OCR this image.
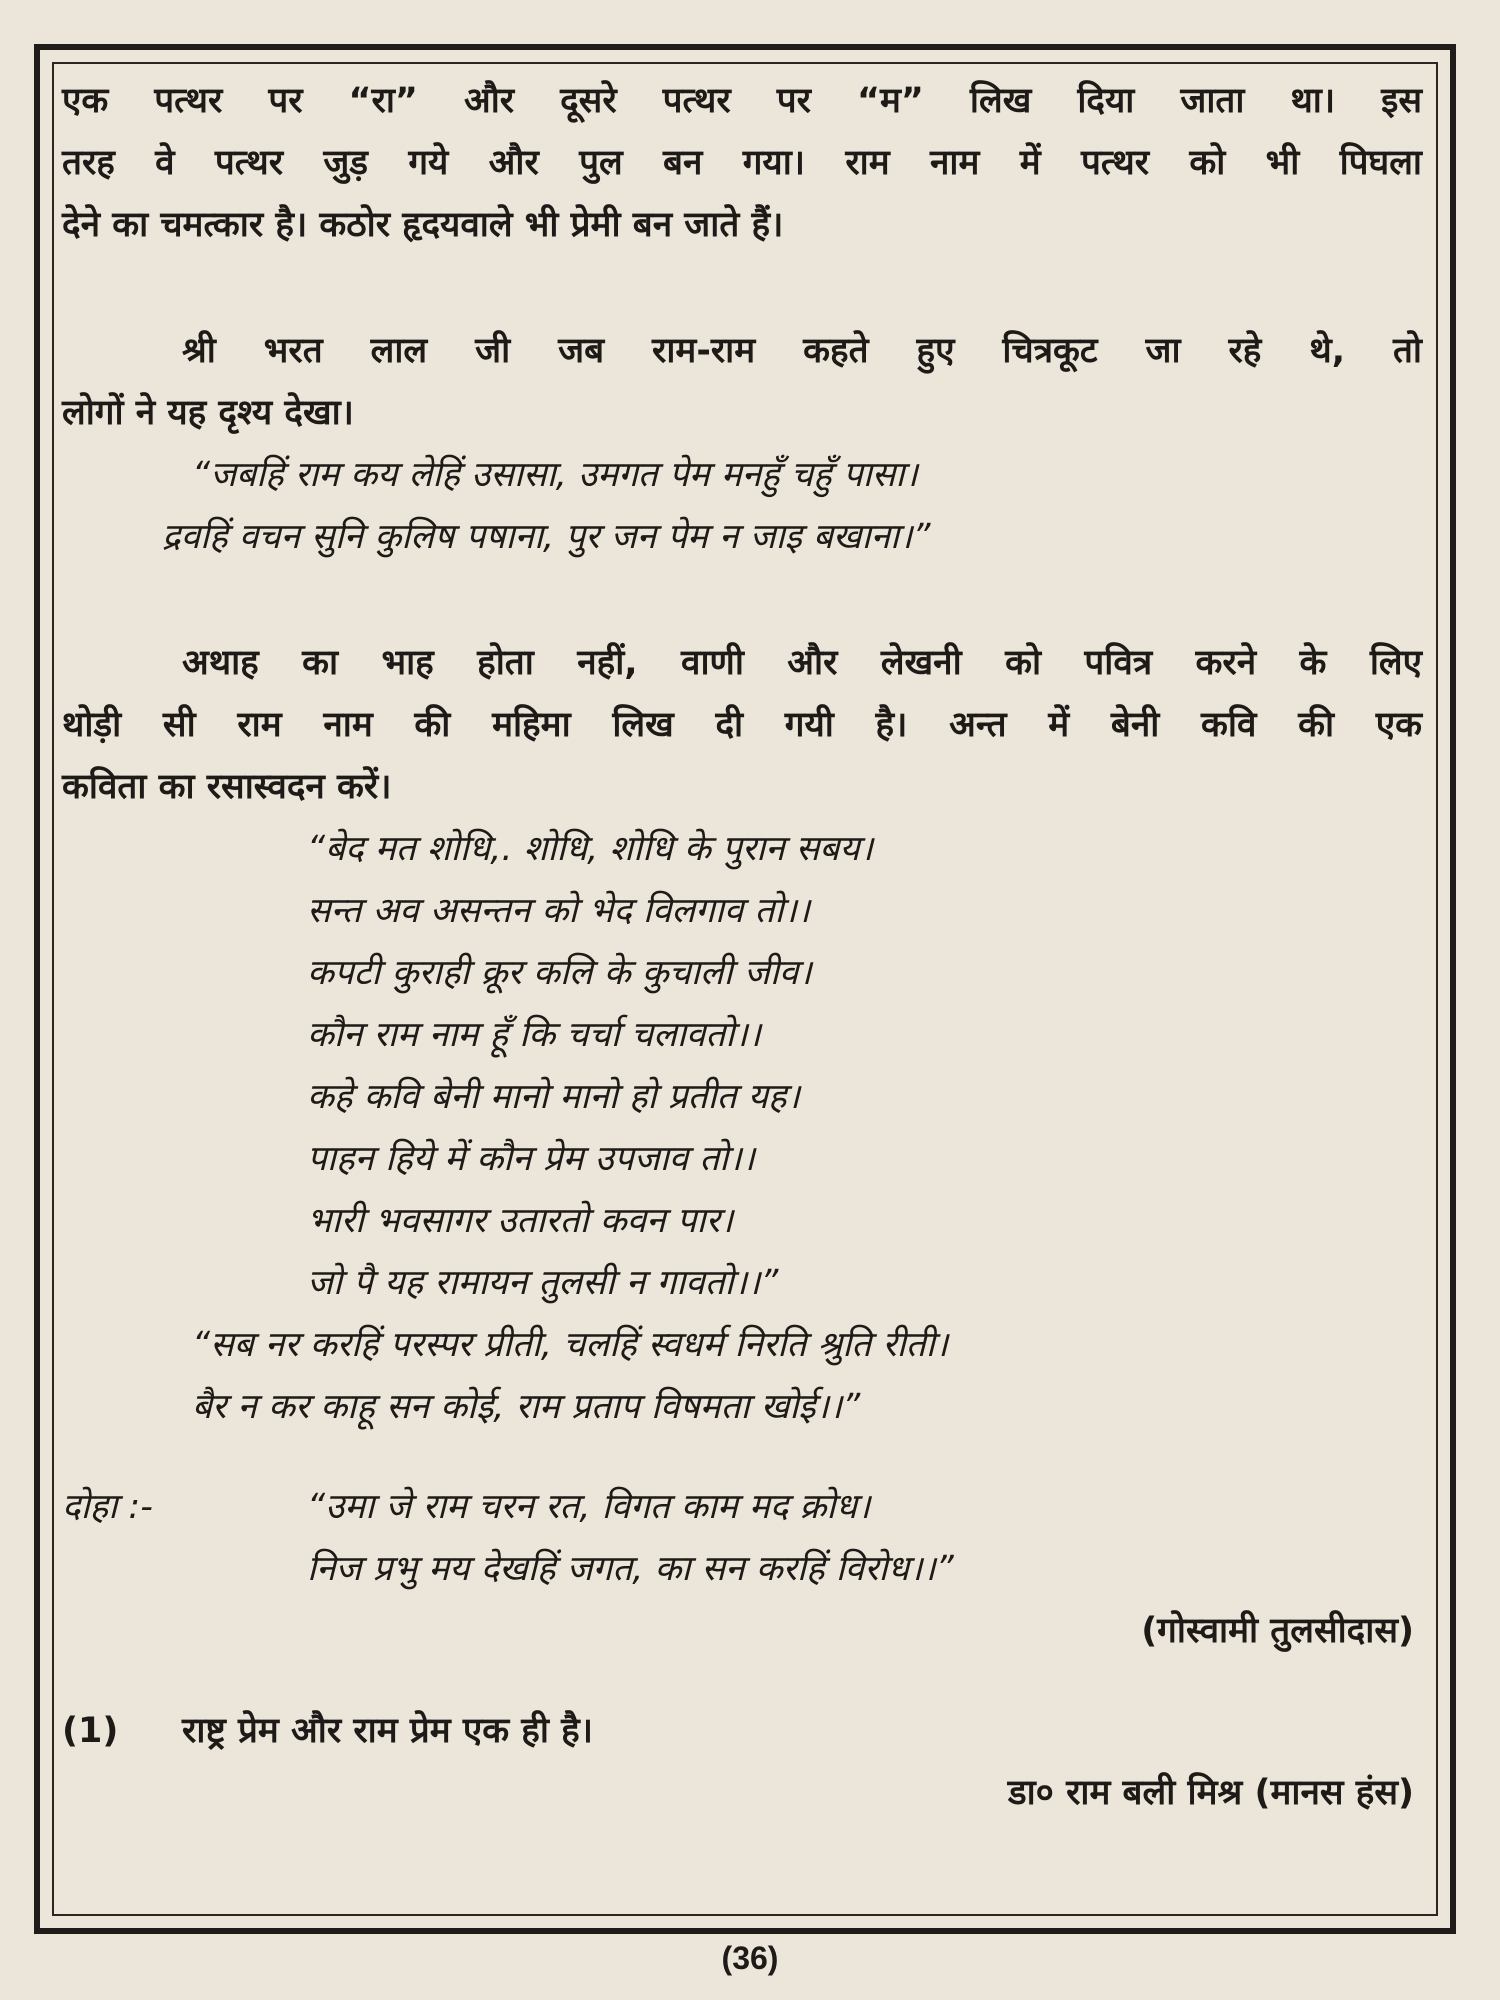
एक पत्थर पर “रा” और दूसरे पत्थर पर “म” लिख दिया जाता था। इस
तरह वे पत्थर जुड़ गये और पुल बन गया। राम नाम में पत्थर को भी पिघला
देने का चमत्कार है। कठोर हृदयवाले भी प्रेमी बन जाते हैं।
श्री भरत लाल जी जब राम-राम कहते हुए चित्रकूट जा रहे थे, तो
लोगों ने यह दृश्य देखा।
“जबहिं राम कय लेहिं उसासा, उमगत पेम मनहुँ चहुँ पासा।
द्रवहिं वचन सुनि कुलिष पषाना, पुर जन पेम न जाइ बखाना।”
अथाह का भाह होता नहीं, वाणी और लेखनी को पवित्र करने के लिए
थोड़ी सी राम नाम की महिमा लिख दी गयी है। अन्त में बेनी कवि की एक
कविता का रसास्वदन करें।
“बेद मत शोधि,. शोधि, शोधि के पुरान सबय।
सन्त अव असन्तन को भेद विलगाव तो।।
कपटी कुराही क्रूर कलि के कुचाली जीव।
कौन राम नाम हूँ कि चर्चा चलावतो।।
कहे कवि बेनी मानो मानो हो प्रतीत यह।
पाहन हिये में कौन प्रेम उपजाव तो।।
भारी भवसागर उतारतो कवन पार।
जो पै यह रामायन तुलसी न गावतो।।”
“सब नर करहिं परस्पर प्रीती, चलहिं स्वधर्म निरति श्रुति रीती।
बैर न कर काहू सन कोई, राम प्रताप विषमता खोई।।”
दोहा :-	“उमा जे राम चरन रत, विगत काम मद क्रोध।
निज प्रभु मय देखहिं जगत, का सन करहिं विरोध।।”
(गोस्वामी तुलसीदास)
(1) राष्ट्र प्रेम और राम प्रेम एक ही है।
डा० राम बली मिश्र (मानस हंस)
(36)
